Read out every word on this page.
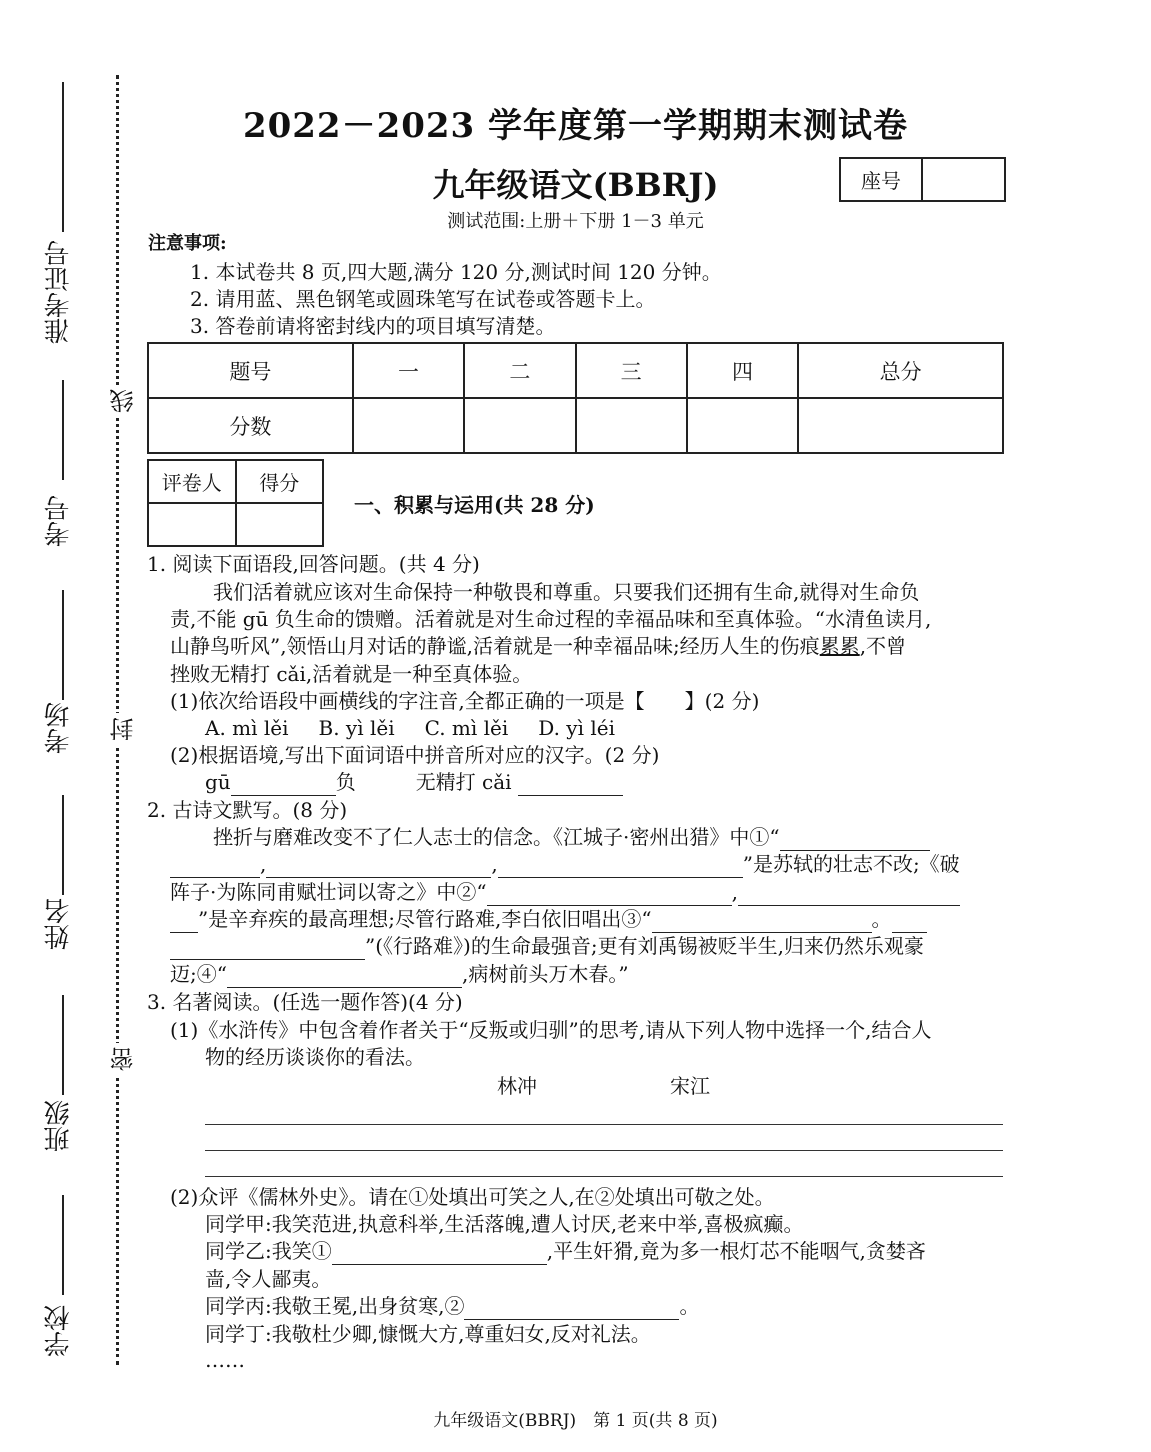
准考证号
考号
考场
姓名
班级
学校
线
封
密
2022－2023 学年度第一学期期末测试卷
九年级语文(BBRJ)
测试范围:上册＋下册 1－3 单元
座号
注意事项:
1. 本试卷共 8 页,四大题,满分 120 分,测试时间 120 分钟。
2. 请用蓝、黑色钢笔或圆珠笔写在试卷或答题卡上。
3. 答卷前请将密封线内的项目填写清楚。
题号	一	二	三	四	总分
分数					
评卷人	得分

一、积累与运用(共 28 分)
1. 阅读下面语段,回答问题。(共 4 分)
我们活着就应该对生命保持一种敬畏和尊重。只要我们还拥有生命,就得对生命负
责,不能 gū 负生命的馈赠。活着就是对生命过程的幸福品味和至真体验。“水清鱼读月,
山静鸟听风”,领悟山月对话的静谧,活着就是一种幸福品味;经历人生的伤痕累累,不曾
挫败无精打 cǎi,活着就是一种至真体验。
(1)依次给语段中画横线的字注音,全都正确的一项是【　　】(2 分)
A. mì lěi B. yì lěi C. mì lěi D. yì léi
(2)根据语境,写出下面词语中拼音所对应的汉字。(2 分)
gū	负	无精打 cǎi
2. 古诗文默写。(8 分)
挫折与磨难改变不了仁人志士的信念。《江城子·密州出猎》中①“
,	,	”是苏轼的壮志不改;《破
阵子·为陈同甫赋壮词以寄之》中②“	,
”是辛弃疾的最高理想;尽管行路难,李白依旧唱出③“	。
”(《行路难》)的生命最强音;更有刘禹锡被贬半生,归来仍然乐观豪
迈;④“	,病树前头万木春。”
3. 名著阅读。(任选一题作答)(4 分)
(1)《水浒传》中包含着作者关于“反叛或归驯”的思考,请从下列人物中选择一个,结合人
物的经历谈谈你的看法。
林冲	宋江
(2)众评《儒林外史》。请在①处填出可笑之人,在②处填出可敬之处。
同学甲:我笑范进,执意科举,生活落魄,遭人讨厌,老来中举,喜极疯癫。
同学乙:我笑①	,平生奸猾,竟为多一根灯芯不能咽气,贪婪吝
啬,令人鄙夷。
同学丙:我敬王冕,出身贫寒,②	。
同学丁:我敬杜少卿,慷慨大方,尊重妇女,反对礼法。
……
九年级语文(BBRJ)　第 1 页(共 8 页)
